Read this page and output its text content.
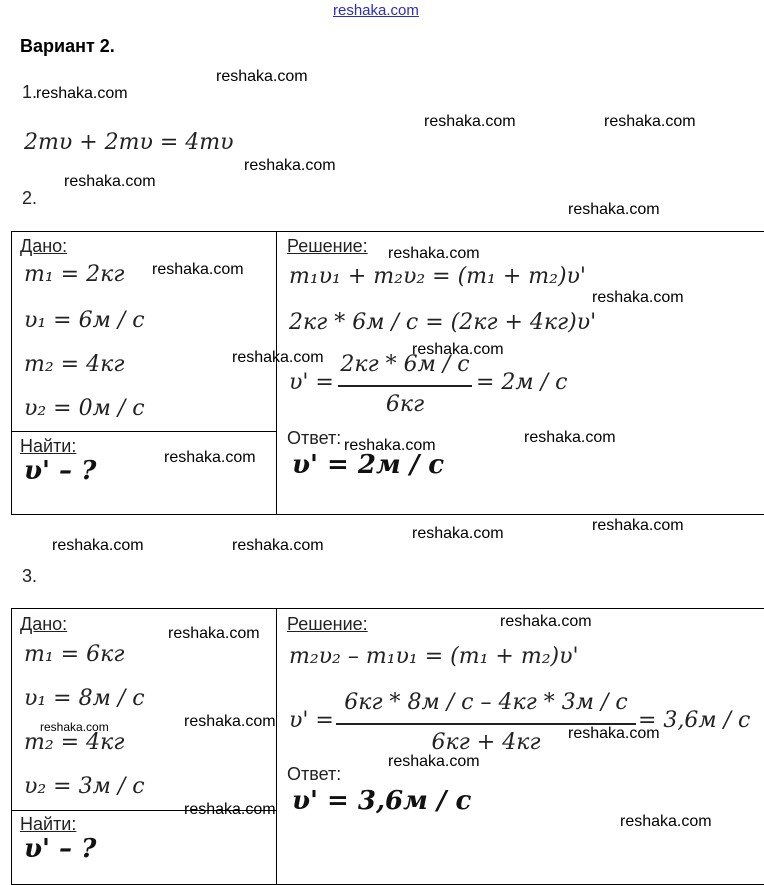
reshaka.com
Вариант 2.
1.
2mυ + 2mυ = 4mυ
2.
Дано:
m₁ = 2кг
υ₁ = 6м / с
m₂ = 4кг
υ₂ = 0м / с
Найти:
υ' – ?
Решение:
m₁υ₁ + m₂υ₂ = (m₁ + m₂)υ'
2кг * 6м / с = (2кг + 4кг)υ'
υ' =
2кг * 6м / с
6кг
= 2м / с
Ответ:
υ' = 2м / с
3.
Дано:
m₁ = 6кг
υ₁ = 8м / с
m₂ = 4кг
υ₂ = 3м / с
Найти:
υ' – ?
Решение:
m₂υ₂ – m₁υ₁ = (m₁ + m₂)υ'
υ' =
6кг * 8м / с – 4кг * 3м / с
6кг + 4кг
= 3,6м / с
Ответ:
υ' = 3,6м / с
reshaka.com
reshaka.com
reshaka.com	reshaka.com
reshaka.com
reshaka.com
reshaka.com
reshaka.com
reshaka.com
reshaka.com
reshaka.com
reshaka.com
reshaka.com
reshaka.com
reshaka.com
reshaka.com
reshaka.com
reshaka.com	reshaka.com
reshaka.com
reshaka.com
reshaka.com
reshaka.com	reshaka.com
reshaka.com
reshaka.com
reshaka.com
